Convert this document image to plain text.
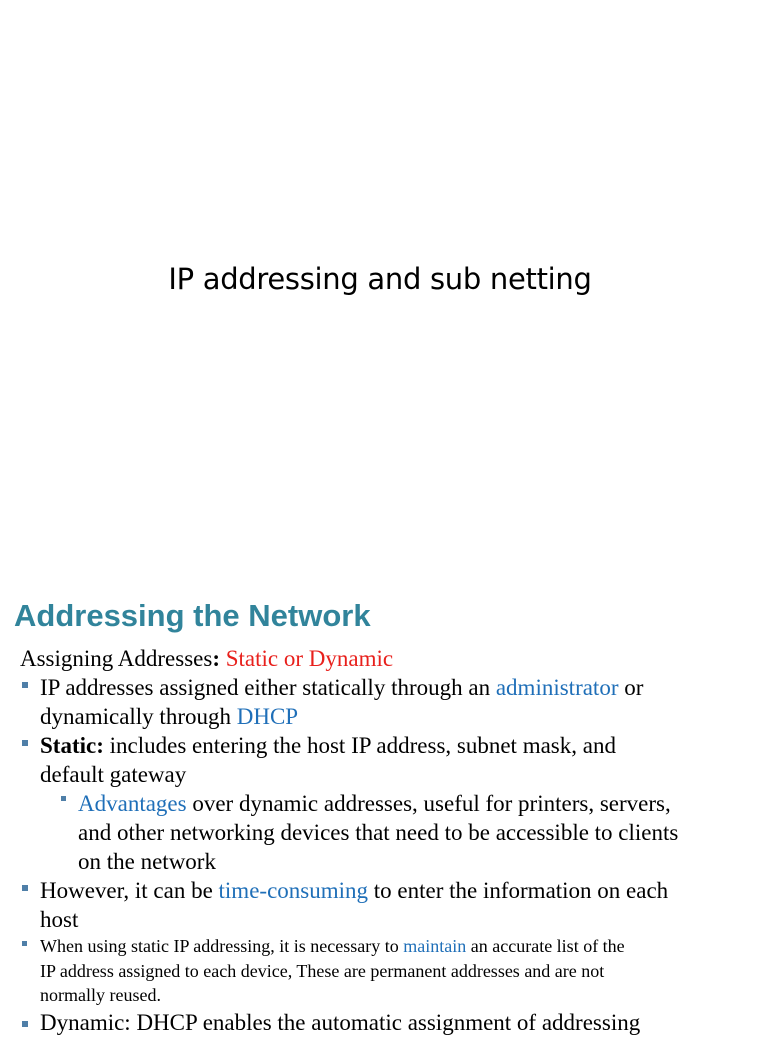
IP addressing and sub netting
Addressing the Network
Assigning Addresses: Static or Dynamic
IP addresses assigned either statically through an administrator or
dynamically through DHCP
Static: includes entering the host IP address, subnet mask, and
default gateway
Advantages over dynamic addresses, useful for printers, servers,
and other networking devices that need to be accessible to clients
on the network
However, it can be time-consuming to enter the information on each
host
When using static IP addressing, it is necessary to maintain an accurate list of the
IP address assigned to each device, These are permanent addresses and are not
normally reused.
Dynamic: DHCP enables the automatic assignment of addressing
